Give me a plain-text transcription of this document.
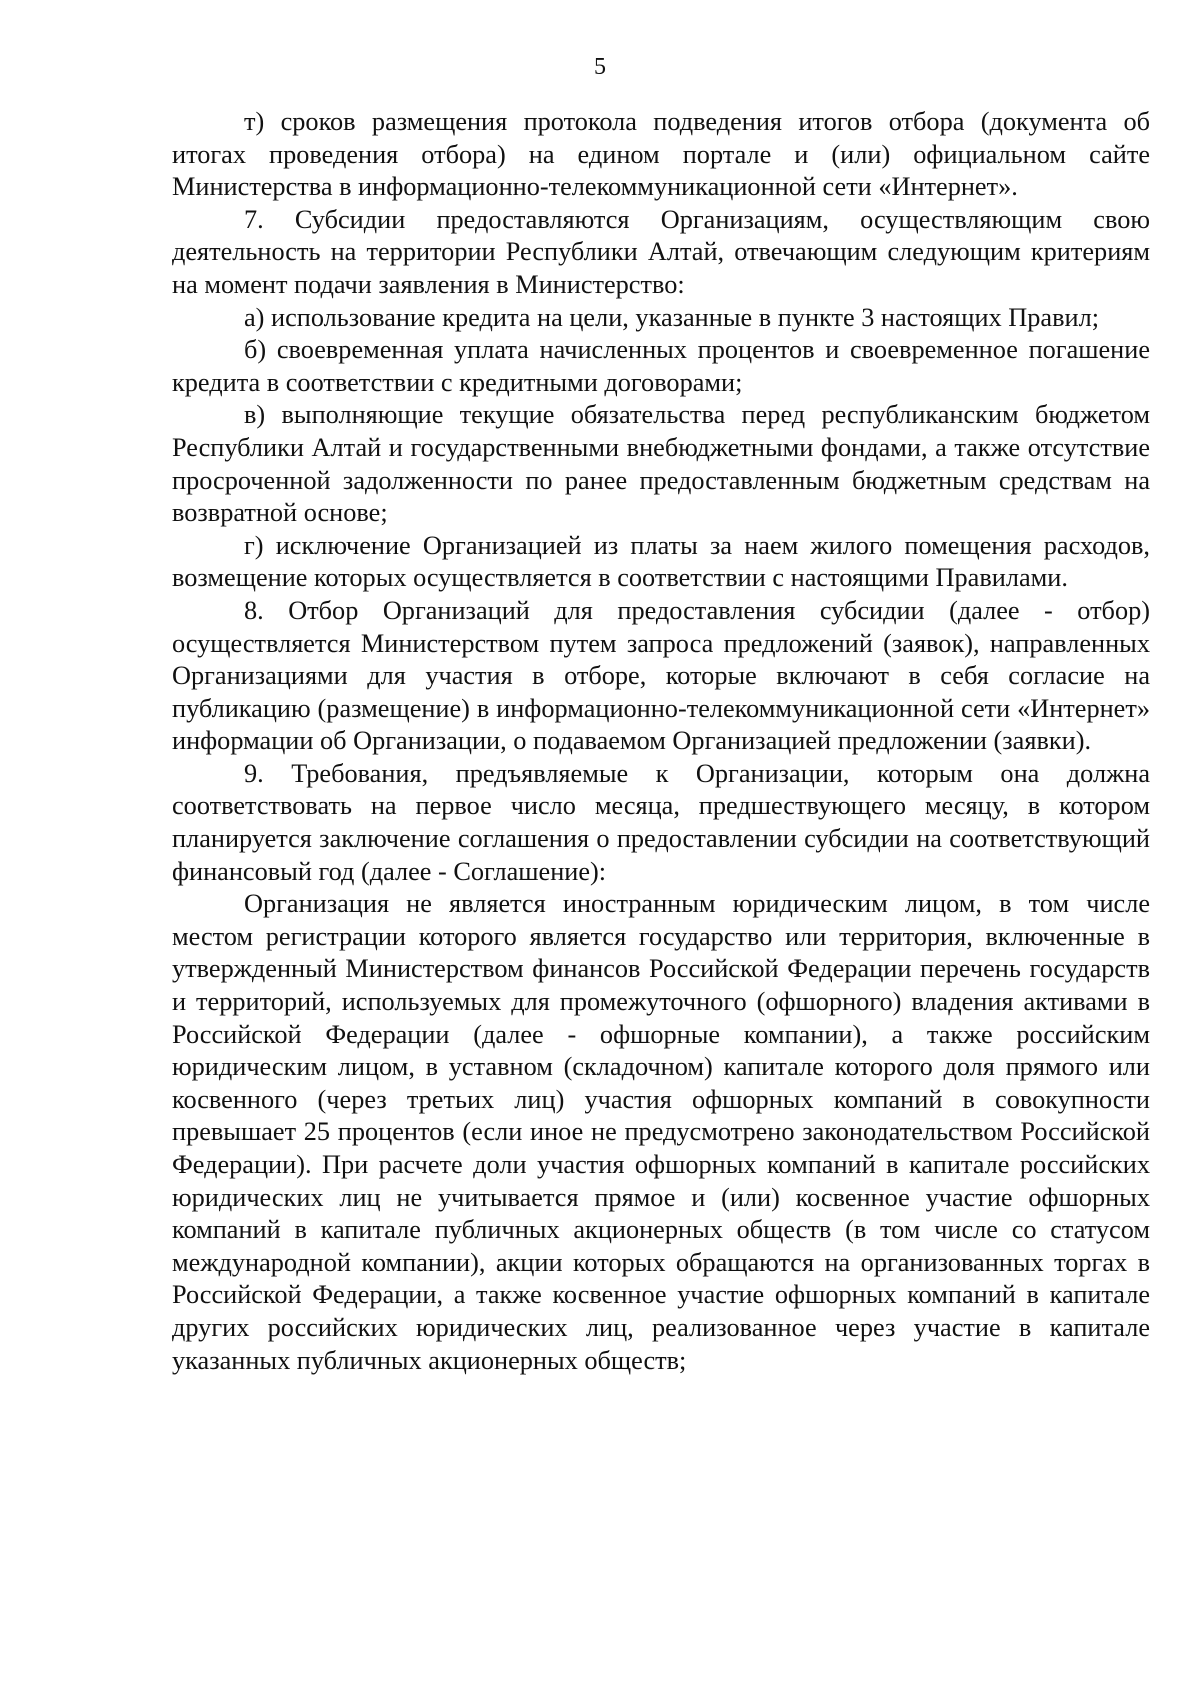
5

т) сроков размещения протокола подведения итогов отбора (документа об итогах проведения отбора) на едином портале и (или) официальном сайте Министерства в информационно-телекоммуникационной сети «Интернет».

7. Субсидии предоставляются Организациям, осуществляющим свою деятельность на территории Республики Алтай, отвечающим следующим критериям на момент подачи заявления в Министерство:

а) использование кредита на цели, указанные в пункте 3 настоящих Правил;

б) своевременная уплата начисленных процентов и своевременное погашение кредита в соответствии с кредитными договорами;

в) выполняющие текущие обязательства перед республиканским бюджетом Республики Алтай и государственными внебюджетными фондами, а также отсутствие просроченной задолженности по ранее предоставленным бюджетным средствам на возвратной основе;

г) исключение Организацией из платы за наем жилого помещения расходов, возмещение которых осуществляется в соответствии с настоящими Правилами.

8. Отбор Организаций для предоставления субсидии (далее - отбор) осуществляется Министерством путем запроса предложений (заявок), направленных Организациями для участия в отборе, которые включают в себя согласие на публикацию (размещение) в информационно-телекоммуникационной сети «Интернет» информации об Организации, о подаваемом Организацией предложении (заявки).

9. Требования, предъявляемые к Организации, которым она должна соответствовать на первое число месяца, предшествующего месяцу, в котором планируется заключение соглашения о предоставлении субсидии на соответствующий финансовый год (далее - Соглашение):

Организация не является иностранным юридическим лицом, в том числе местом регистрации которого является государство или территория, включенные в утвержденный Министерством финансов Российской Федерации перечень государств и территорий, используемых для промежуточного (офшорного) владения активами в Российской Федерации (далее - офшорные компании), а также российским юридическим лицом, в уставном (складочном) капитале которого доля прямого или косвенного (через третьих лиц) участия офшорных компаний в совокупности превышает 25 процентов (если иное не предусмотрено законодательством Российской Федерации). При расчете доли участия офшорных компаний в капитале российских юридических лиц не учитывается прямое и (или) косвенное участие офшорных компаний в капитале публичных акционерных обществ (в том числе со статусом международной компании), акции которых обращаются на организованных торгах в Российской Федерации, а также косвенное участие офшорных компаний в капитале других российских юридических лиц, реализованное через участие в капитале указанных публичных акционерных обществ;
